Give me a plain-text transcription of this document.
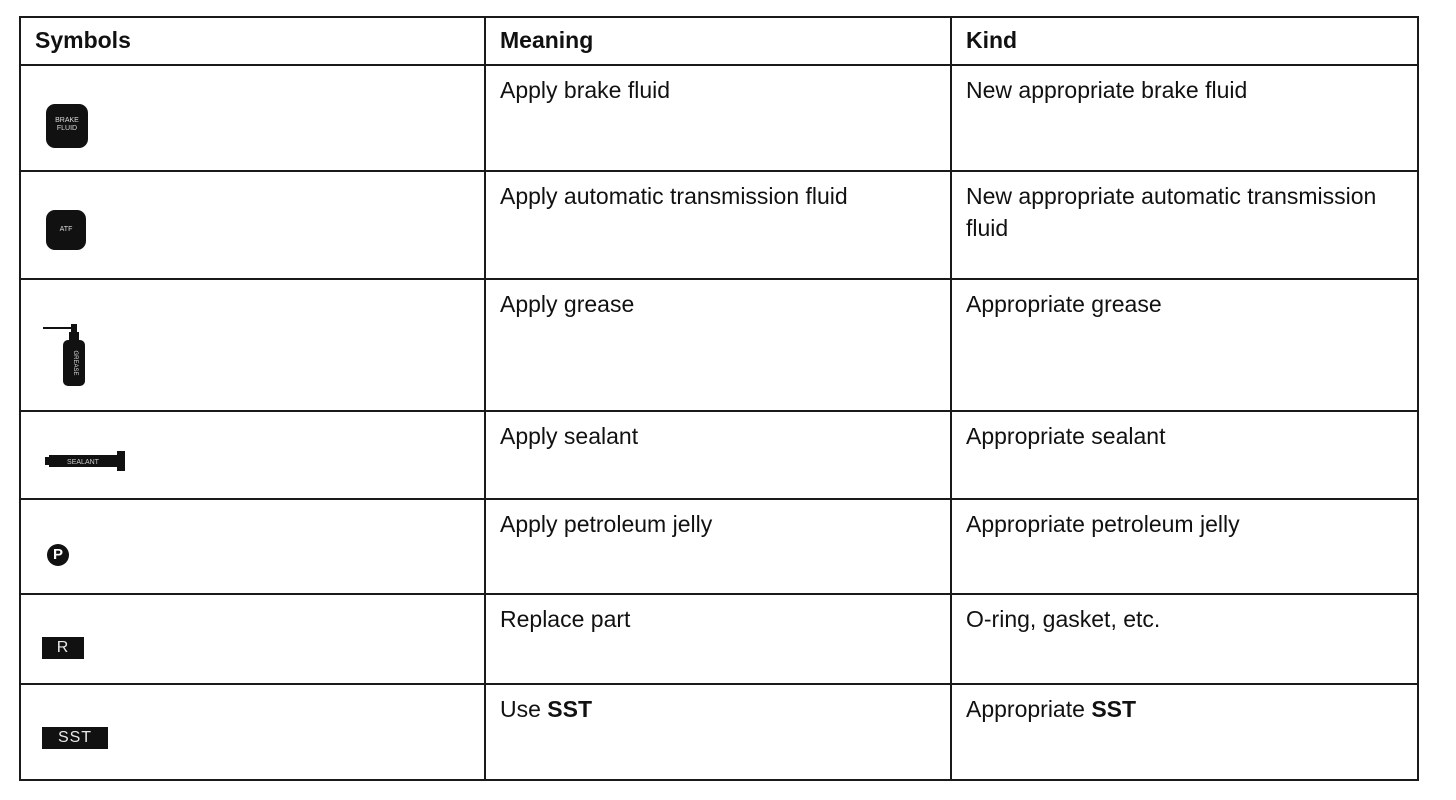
Symbols	Meaning	Kind

BRAKE FLUID	Apply brake fluid	New appropriate brake fluid

ATF	Apply automatic transmission fluid	New appropriate automatic transmission fluid

GREASE	Apply grease	Appropriate grease

SEALANT	Apply sealant	Appropriate sealant

P	Apply petroleum jelly	Appropriate petroleum jelly

R	Replace part	O-ring, gasket, etc.

SST	Use SST	Appropriate SST
